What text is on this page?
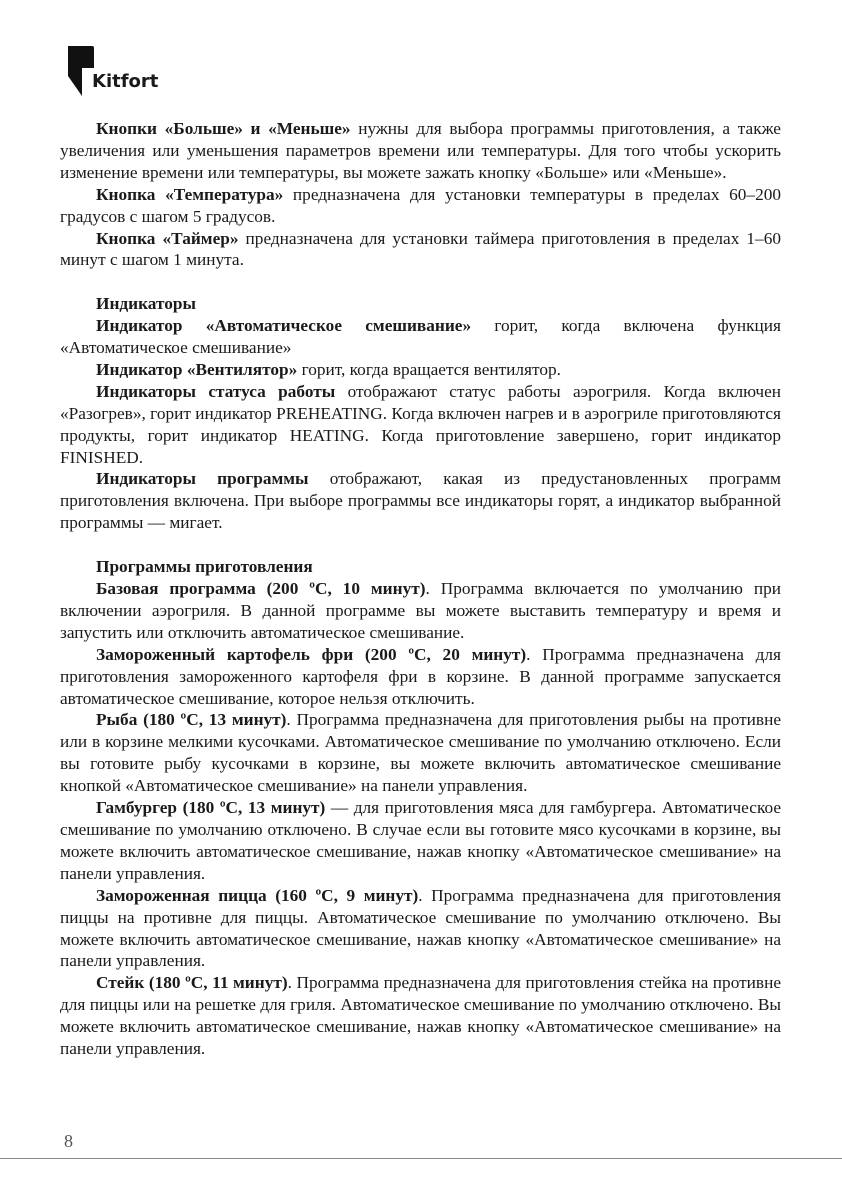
Kitfort

Кнопки «Больше» и «Меньше» нужны для выбора программы приготовления, а также увеличения или уменьшения параметров времени или температуры. Для того чтобы ускорить изменение времени или температуры, вы можете зажать кнопку «Больше» или «Меньше».

Кнопка «Температура» предназначена для установки температуры в пределах 60–200 градусов с шагом 5 градусов.

Кнопка «Таймер» предназначена для установки таймера приготовления в пределах 1–60 минут с шагом 1 минута.

Индикаторы

Индикатор «Автоматическое смешивание» горит, когда включена функция «Автоматическое смешивание»

Индикатор «Вентилятор» горит, когда вращается вентилятор.

Индикаторы статуса работы отображают статус работы аэрогриля. Когда включен «Разогрев», горит индикатор PREHEATING. Когда включен нагрев и в аэрогриле приготовляются продукты, горит индикатор HEATING. Когда приготовление завершено, горит индикатор FINISHED.

Индикаторы программы отображают, какая из предустановленных программ приготовления включена. При выборе программы все индикаторы горят, а индикатор выбранной программы — мигает.

Программы приготовления

Базовая программа (200 ºС, 10 минут). Программа включается по умолчанию при включении аэрогриля. В данной программе вы можете выставить температуру и время и запустить или отключить автоматическое смешивание.

Замороженный картофель фри (200 ºС, 20 минут). Программа предназначена для приготовления замороженного картофеля фри в корзине. В данной программе запускается автоматическое смешивание, которое нельзя отключить.

Рыба (180 ºС, 13 минут). Программа предназначена для приготовления рыбы на противне или в корзине мелкими кусочками. Автоматическое смешивание по умолчанию отключено. Если вы готовите рыбу кусочками в корзине, вы можете включить автоматическое смешивание кнопкой «Автоматическое смешивание» на панели управления.

Гамбургер (180 ºС, 13 минут) — для приготовления мяса для гамбургера. Автоматическое смешивание по умолчанию отключено. В случае если вы готовите мясо кусочками в корзине, вы можете включить автоматическое смешивание, нажав кнопку «Автоматическое смешивание» на панели управления.

Замороженная пицца (160 ºС, 9 минут). Программа предназначена для приготовления пиццы на противне для пиццы. Автоматическое смешивание по умолчанию отключено. Вы можете включить автоматическое смешивание, нажав кнопку «Автоматическое смешивание» на панели управления.

Стейк (180 ºС, 11 минут). Программа предназначена для приготовления стейка на противне для пиццы или на решетке для гриля. Автоматическое смешивание по умолчанию отключено. Вы можете включить автоматическое смешивание, нажав кнопку «Автоматическое смешивание» на панели управления.

8
